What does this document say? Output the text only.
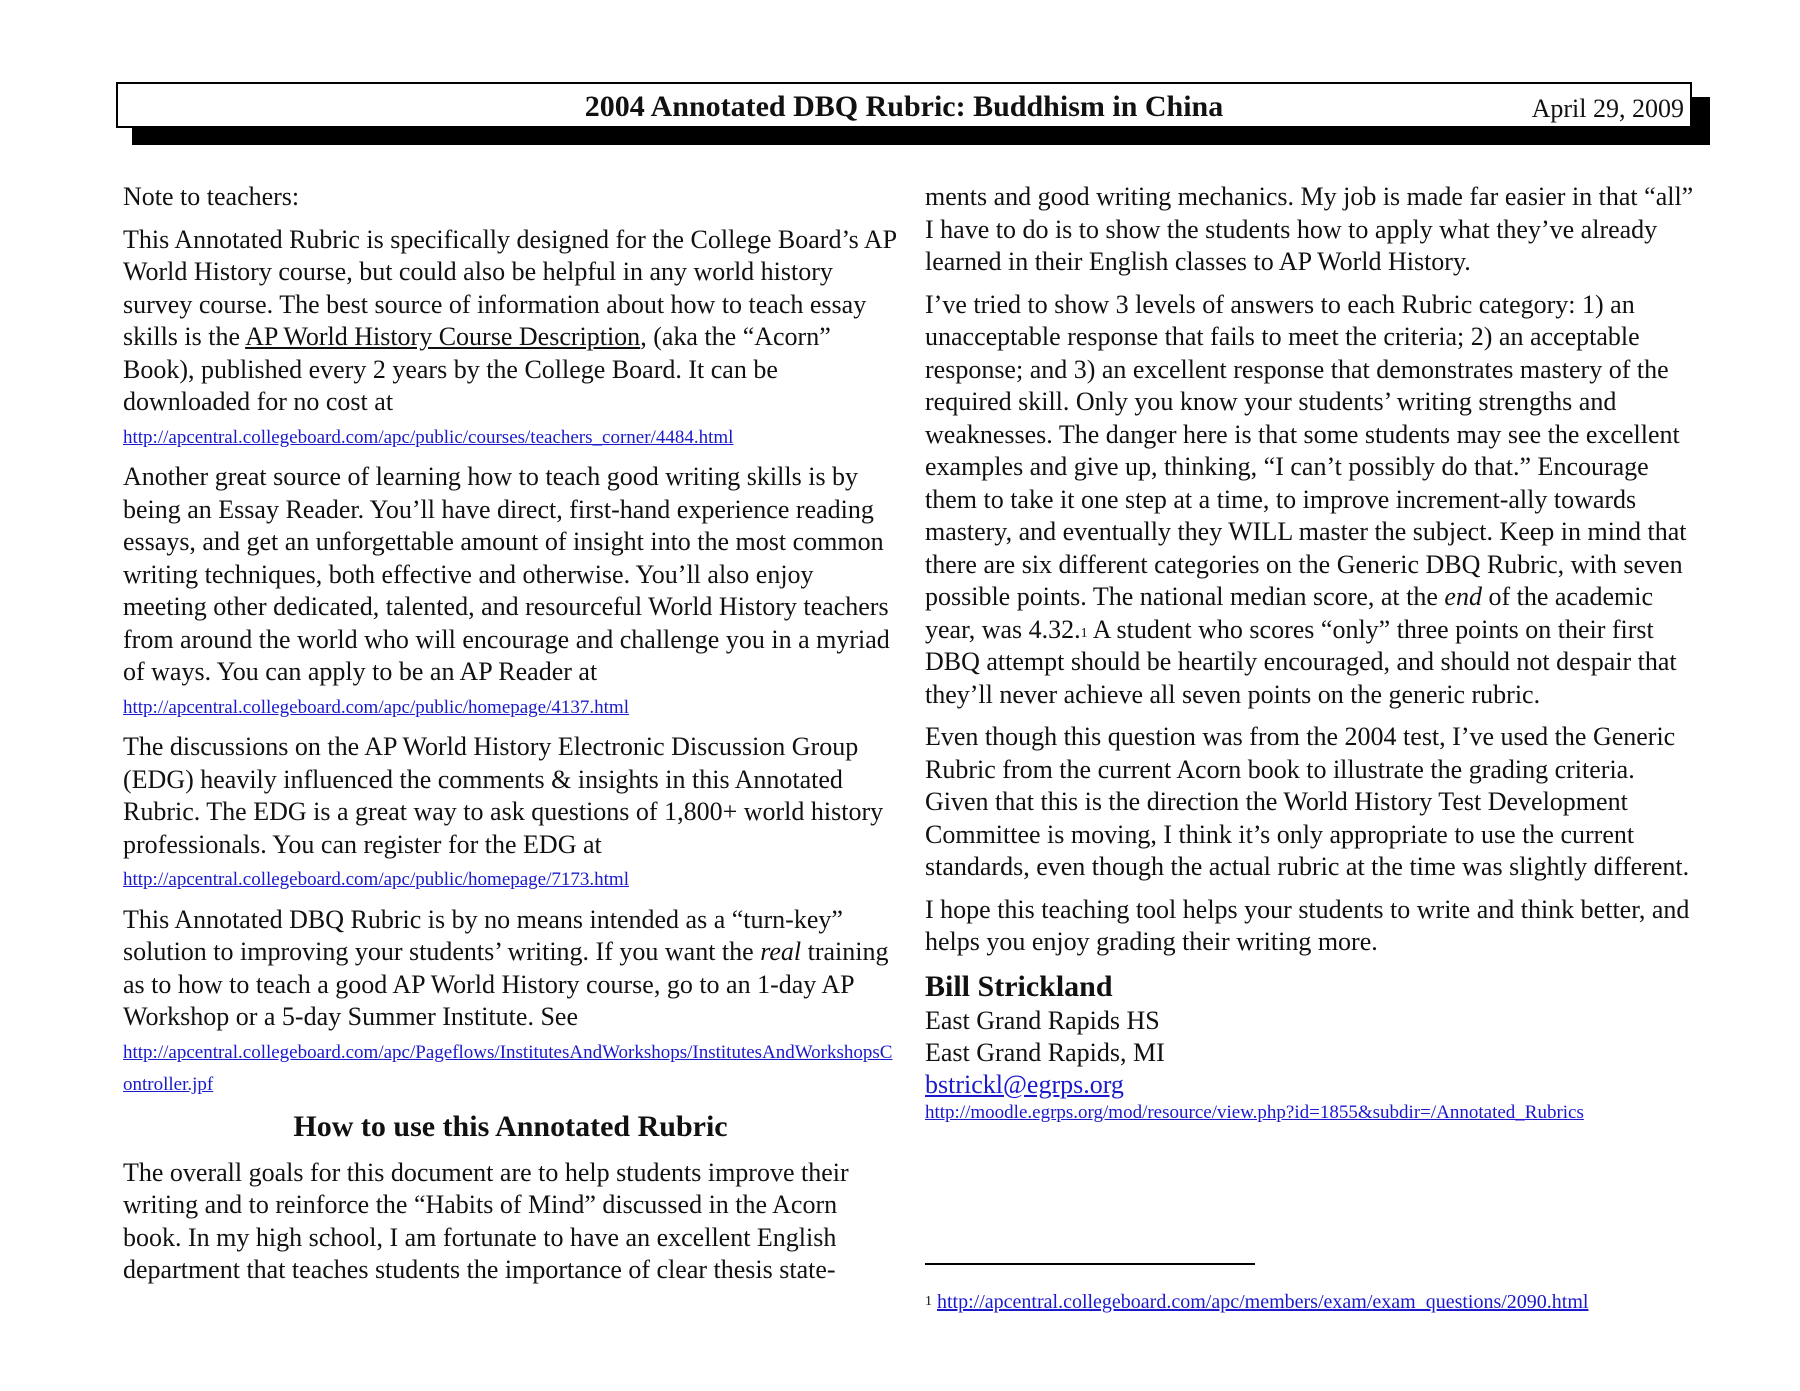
2004 Annotated DBQ Rubric: Buddhism in China	April 29, 2009

Note to teachers:

This Annotated Rubric is specifically designed for the College Board’s AP World History course, but could also be helpful in any world history survey course. The best source of information about how to teach essay skills is the AP World History Course Description, (aka the “Acorn” Book), published every 2 years by the College Board. It can be downloaded for no cost at
http://apcentral.collegeboard.com/apc/public/courses/teachers_corner/4484.html

Another great source of learning how to teach good writing skills is by being an Essay Reader. You’ll have direct, first-hand experience reading essays, and get an unforgettable amount of insight into the most common writing techniques, both effective and otherwise. You’ll also enjoy meeting other dedicated, talented, and resourceful World History teachers from around the world who will encourage and challenge you in a myriad of ways. You can apply to be an AP Reader at http://apcentral.collegeboard.com/apc/public/homepage/4137.html

The discussions on the AP World History Electronic Discussion Group (EDG) heavily influenced the comments & insights in this Annotated Rubric. The EDG is a great way to ask questions of 1,800+ world history professionals. You can register for the EDG at
http://apcentral.collegeboard.com/apc/public/homepage/7173.html

This Annotated DBQ Rubric is by no means intended as a “turn-key” solution to improving your students’ writing. If you want the real training as to how to teach a good AP World History course, go to an 1-day AP Workshop or a 5-day Summer Institute. See
http://apcentral.collegeboard.com/apc/Pageflows/InstitutesAndWorkshops/InstitutesAndWorkshopsController.jpf

How to use this Annotated Rubric

The overall goals for this document are to help students improve their writing and to reinforce the “Habits of Mind” discussed in the Acorn book. In my high school, I am fortunate to have an excellent English department that teaches students the importance of clear thesis state-

ments and good writing mechanics. My job is made far easier in that “all” I have to do is to show the students how to apply what they’ve already learned in their English classes to AP World History.

I’ve tried to show 3 levels of answers to each Rubric category: 1) an unacceptable response that fails to meet the criteria; 2) an acceptable response; and 3) an excellent response that demonstrates mastery of the required skill. Only you know your students’ writing strengths and weaknesses. The danger here is that some students may see the excellent examples and give up, thinking, “I can’t possibly do that.” Encourage them to take it one step at a time, to improve increment-ally towards mastery, and eventually they WILL master the subject. Keep in mind that there are six different categories on the Generic DBQ Rubric, with seven possible points. The national median score, at the end of the academic year, was 4.32.$^1$ A student who scores “only” three points on their first DBQ attempt should be heartily encouraged, and should not despair that they’ll never achieve all seven points on the generic rubric.

Even though this question was from the 2004 test, I’ve used the Generic Rubric from the current Acorn book to illustrate the grading criteria. Given that this is the direction the World History Test Development Committee is moving, I think it’s only appropriate to use the current standards, even though the actual rubric at the time was slightly different.

I hope this teaching tool helps your students to write and think better, and helps you enjoy grading their writing more.

Bill Strickland
East Grand Rapids HS
East Grand Rapids, MI
bstrickl@egrps.org
http://moodle.egrps.org/mod/resource/view.php?id=1855&subdir=/Annotated_Rubrics
$^1$ http://apcentral.collegeboard.com/apc/members/exam/exam_questions/2090.html
